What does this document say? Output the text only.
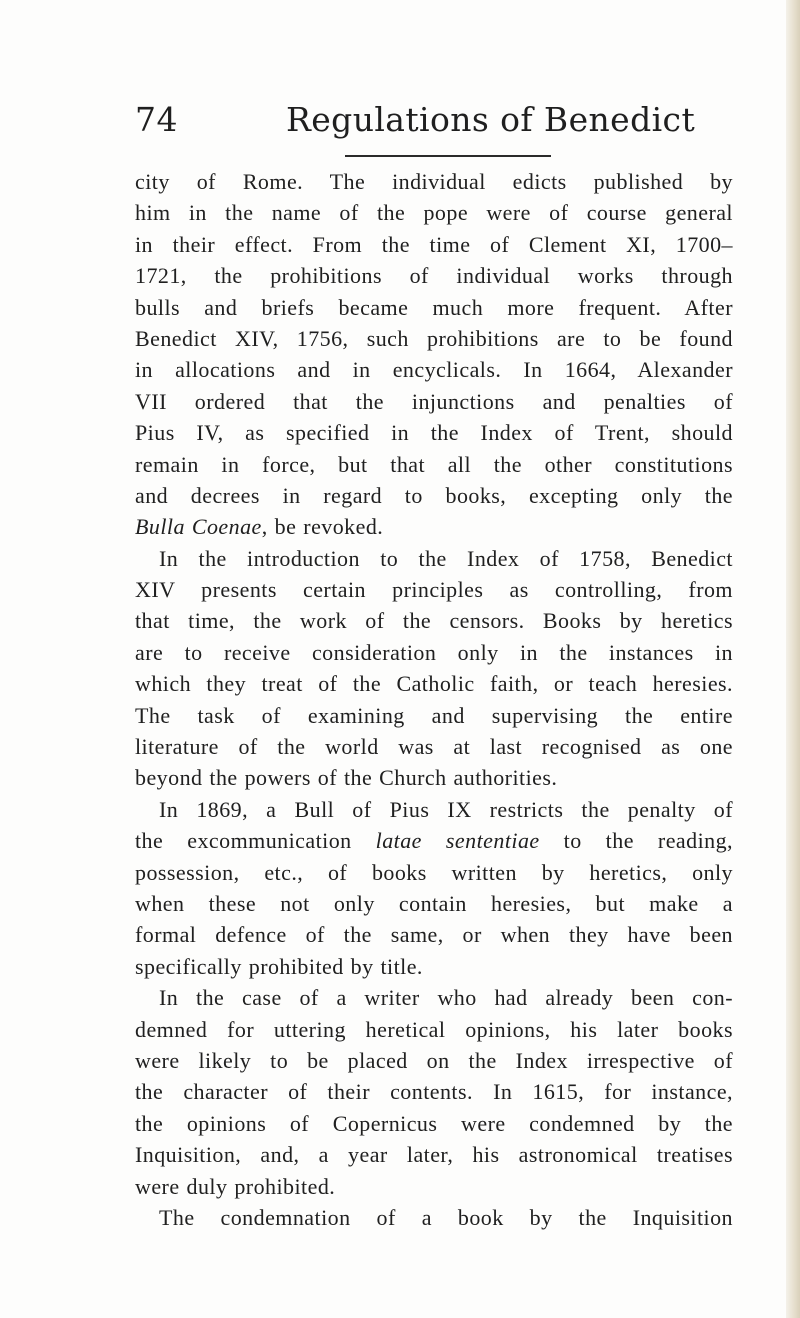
74	Regulations of Benedict
city of Rome. The individual edicts published by
him in the name of the pope were of course general
in their effect. From the time of Clement XI, 1700–
1721, the prohibitions of individual works through
bulls and briefs became much more frequent. After
Benedict XIV, 1756, such prohibitions are to be found
in allocations and in encyclicals. In 1664, Alexander
VII ordered that the injunctions and penalties of
Pius IV, as specified in the Index of Trent, should
remain in force, but that all the other constitutions
and decrees in regard to books, excepting only the
Bulla Coenae, be revoked.
In the introduction to the Index of 1758, Benedict
XIV presents certain principles as controlling, from
that time, the work of the censors. Books by heretics
are to receive consideration only in the instances in
which they treat of the Catholic faith, or teach heresies.
The task of examining and supervising the entire
literature of the world was at last recognised as one
beyond the powers of the Church authorities.
In 1869, a Bull of Pius IX restricts the penalty of
the excommunication latae sententiae to the reading,
possession, etc., of books written by heretics, only
when these not only contain heresies, but make a
formal defence of the same, or when they have been
specifically prohibited by title.
In the case of a writer who had already been con-
demned for uttering heretical opinions, his later books
were likely to be placed on the Index irrespective of
the character of their contents. In 1615, for instance,
the opinions of Copernicus were condemned by the
Inquisition, and, a year later, his astronomical treatises
were duly prohibited.
The condemnation of a book by the Inquisition
